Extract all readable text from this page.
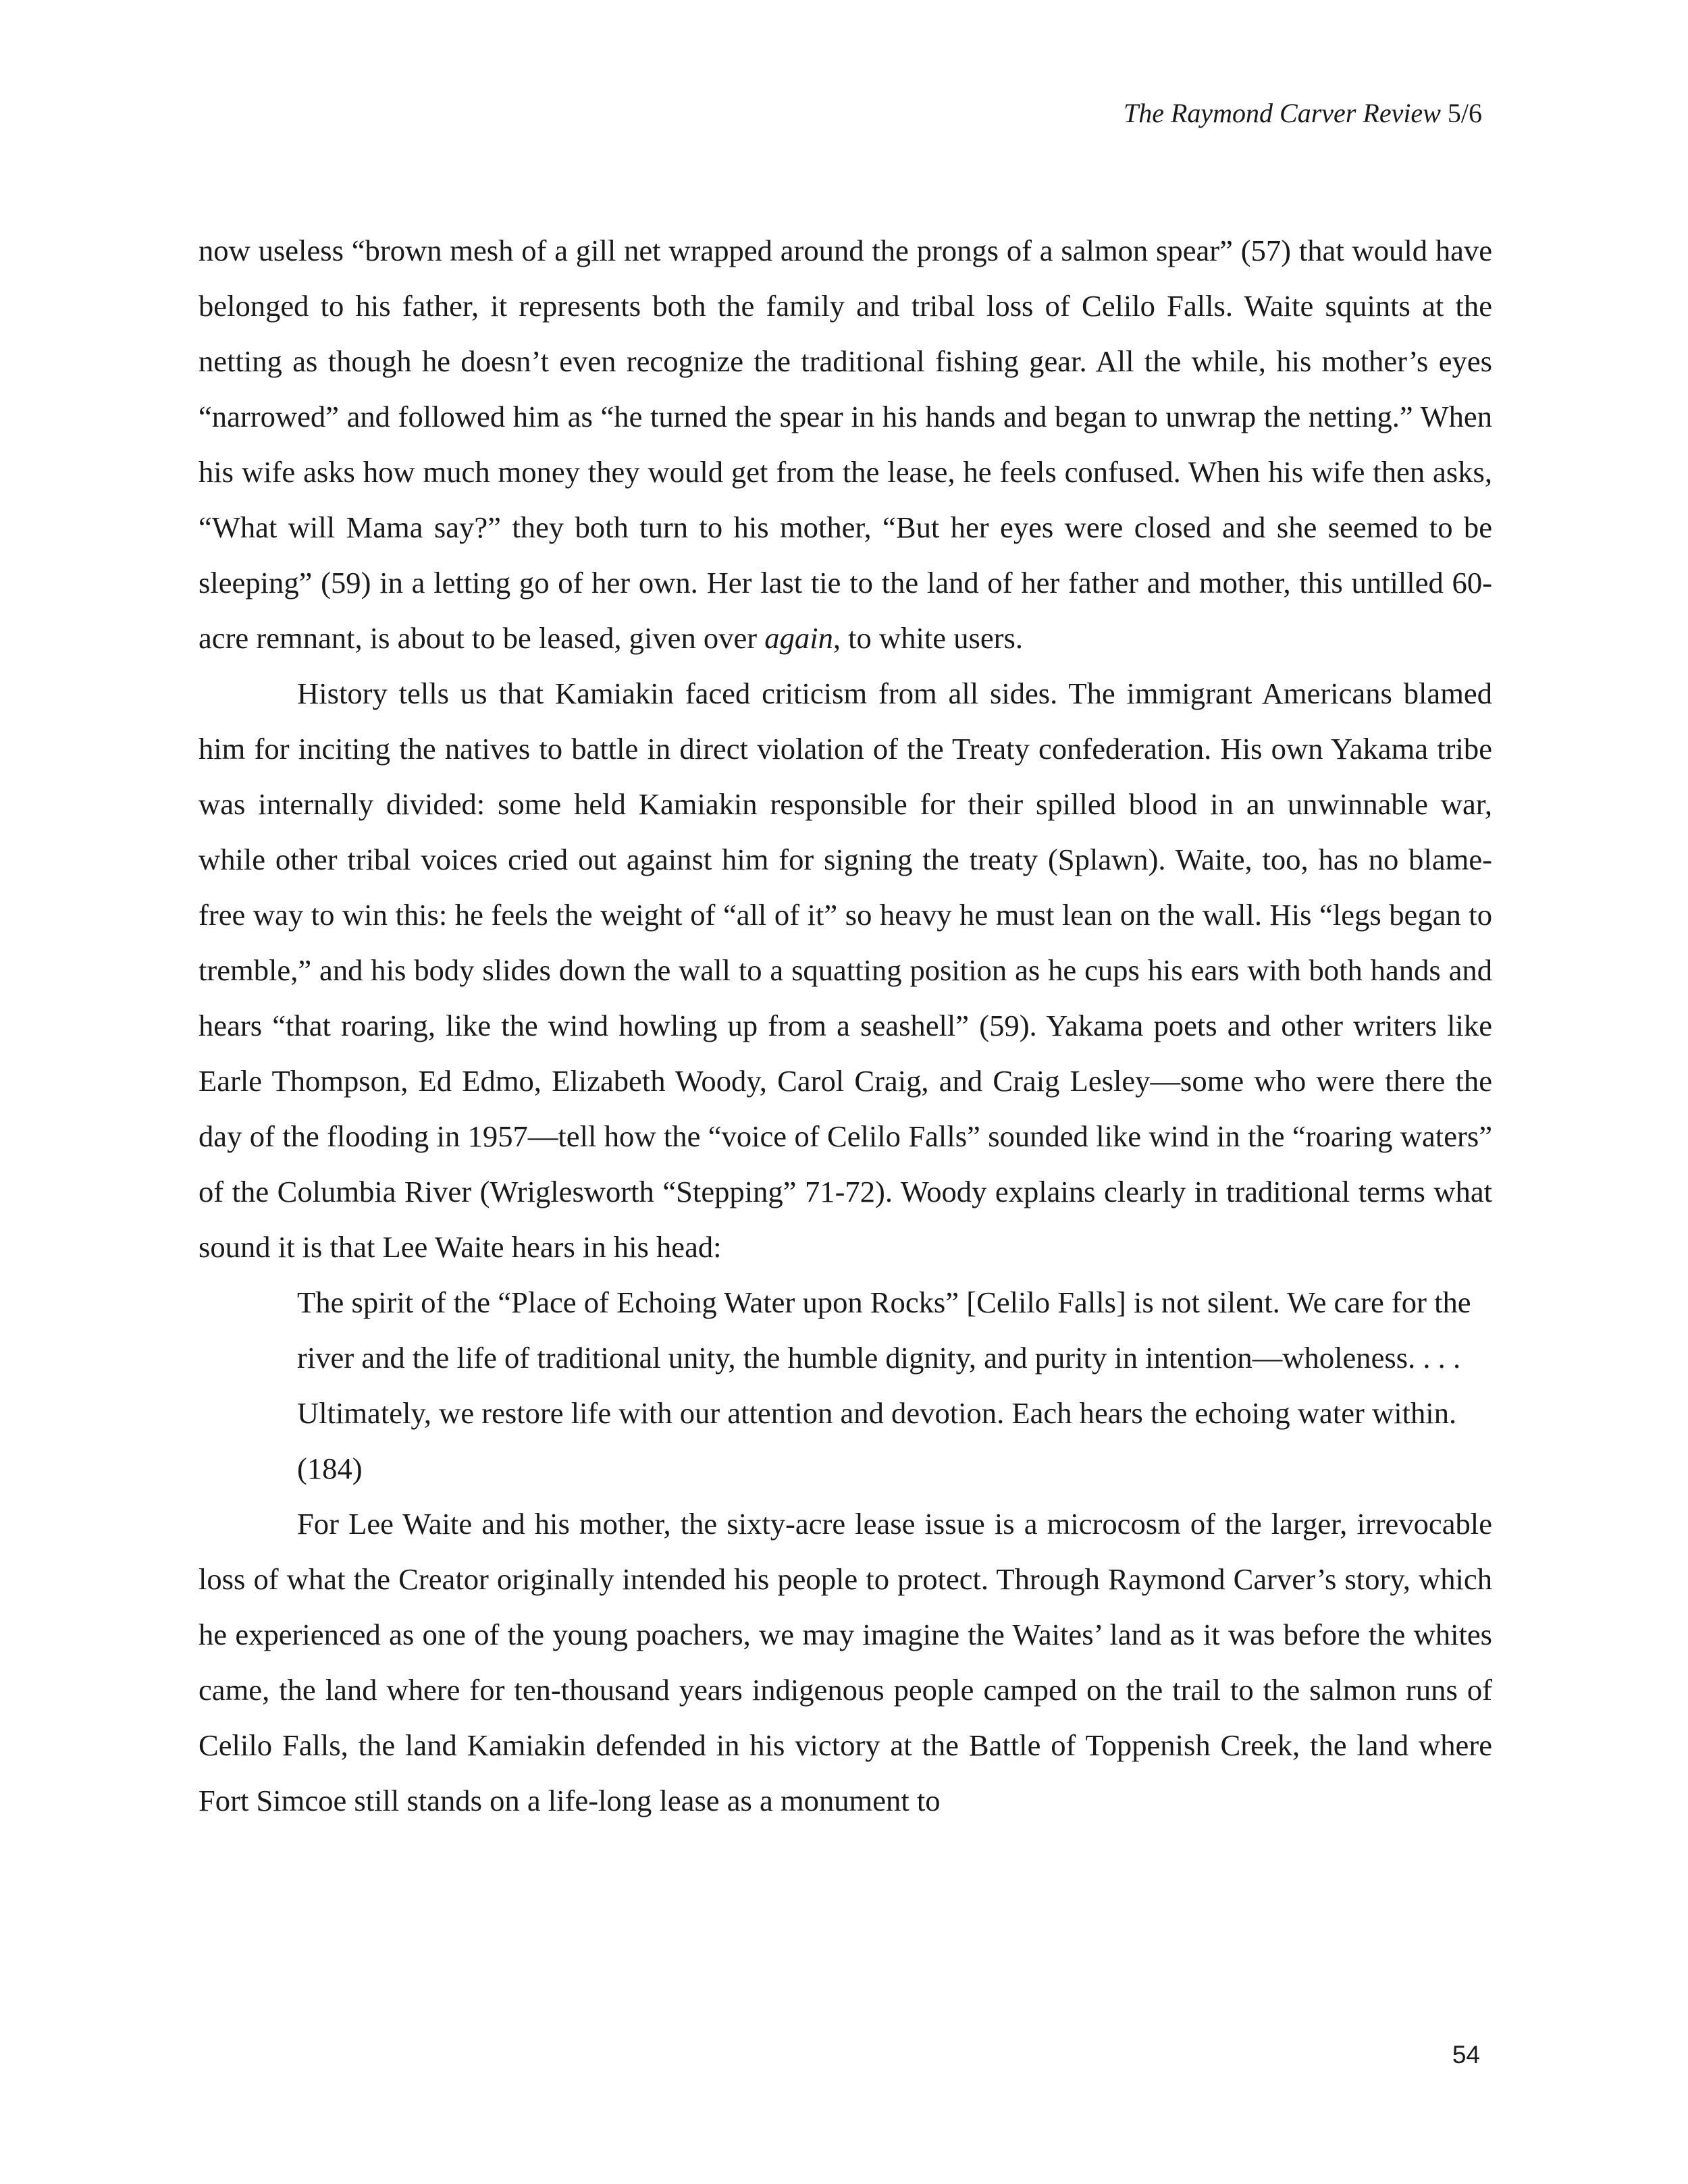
The Raymond Carver Review 5/6

now useless “brown mesh of a gill net wrapped around the prongs of a salmon spear” (57) that would have belonged to his father, it represents both the family and tribal loss of Celilo Falls. Waite squints at the netting as though he doesn’t even recognize the traditional fishing gear. All the while, his mother’s eyes “narrowed” and followed him as “he turned the spear in his hands and began to unwrap the netting.” When his wife asks how much money they would get from the lease, he feels confused. When his wife then asks, “What will Mama say?” they both turn to his mother, “But her eyes were closed and she seemed to be sleeping” (59) in a letting go of her own. Her last tie to the land of her father and mother, this untilled 60-acre remnant, is about to be leased, given over again, to white users.

History tells us that Kamiakin faced criticism from all sides. The immigrant Americans blamed him for inciting the natives to battle in direct violation of the Treaty confederation. His own Yakama tribe was internally divided: some held Kamiakin responsible for their spilled blood in an unwinnable war, while other tribal voices cried out against him for signing the treaty (Splawn). Waite, too, has no blame-free way to win this: he feels the weight of “all of it” so heavy he must lean on the wall. His “legs began to tremble,” and his body slides down the wall to a squatting position as he cups his ears with both hands and hears “that roaring, like the wind howling up from a seashell” (59). Yakama poets and other writers like Earle Thompson, Ed Edmo, Elizabeth Woody, Carol Craig, and Craig Lesley—some who were there the day of the flooding in 1957—tell how the “voice of Celilo Falls” sounded like wind in the “roaring waters” of the Columbia River (Wriglesworth “Stepping” 71-72). Woody explains clearly in traditional terms what sound it is that Lee Waite hears in his head:

The spirit of the “Place of Echoing Water upon Rocks” [Celilo Falls] is not silent. We care for the river and the life of traditional unity, the humble dignity, and purity in intention—wholeness. . . . Ultimately, we restore life with our attention and devotion. Each hears the echoing water within. (184)

For Lee Waite and his mother, the sixty-acre lease issue is a microcosm of the larger, irrevocable loss of what the Creator originally intended his people to protect. Through Raymond Carver’s story, which he experienced as one of the young poachers, we may imagine the Waites’ land as it was before the whites came, the land where for ten-thousand years indigenous people camped on the trail to the salmon runs of Celilo Falls, the land Kamiakin defended in his victory at the Battle of Toppenish Creek, the land where Fort Simcoe still stands on a life-long lease as a monument to

54
